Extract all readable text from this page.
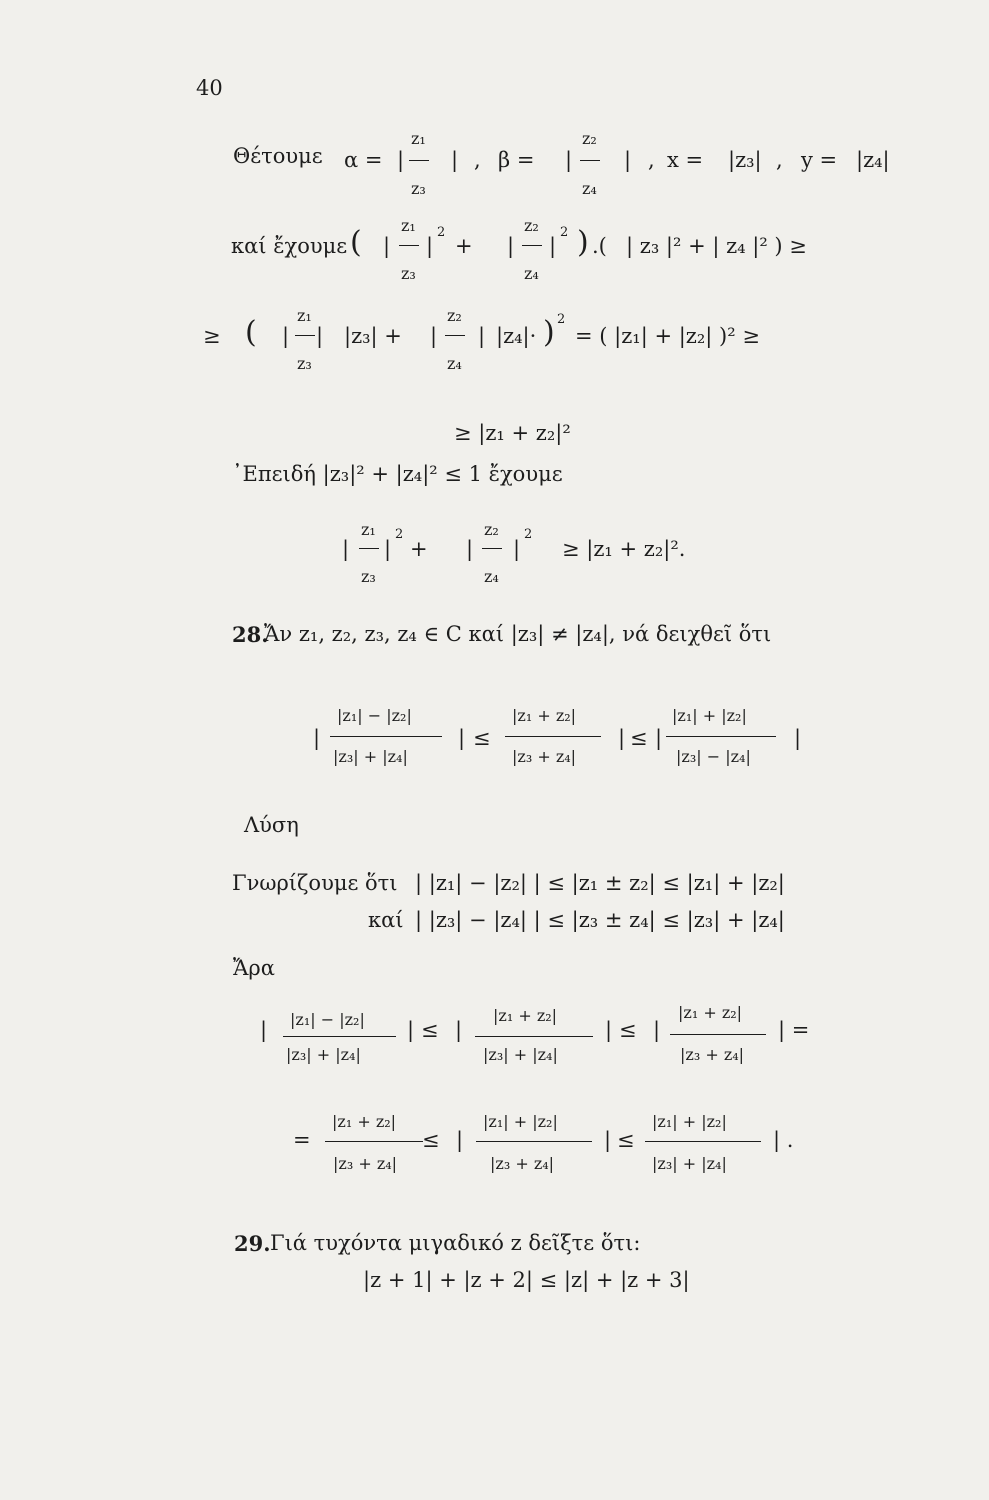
40
Θέτουμε α = |
z₁
z₃
| , β = |
z₂
z₄
| , x = |z₃| , y = |z₄|
καί ἔχουμε ( |
z₁
z₃
|
2
+ |
z₂
z₄
|
2 ) .( | z₃ |² + | z₄ |² ) ≥
≥ ( |
z₁
z₃
| |z₃| + |
z₂
z₄
| |z₄|· ) 2
= ( |z₁| + |z₂| )² ≥
≥ |z₁ + z₂|²
᾽Επειδή |z₃|² + |z₄|² ≤ 1 ἔχουμε
|
z₁
z₃
|
2
+ |
z₂
z₄
|
2
≥ |z₁ + z₂|².
28.
Ἄν z₁, z₂, z₃, z₄ ∈ C καί |z₃| ≠ |z₄|, νά δειχθεῖ ὅτι
|
|z₁| − |z₂|
|z₃| + |z₄|
| ≤
|z₁ + z₂|
|z₃ + z₄|
| ≤ |
|z₁| + |z₂|
|z₃| − |z₄|
|
Λύση
Γνωρίζουμε ὅτι | |z₁| − |z₂| | ≤ |z₁ ± z₂| ≤ |z₁| + |z₂|
καί | |z₃| − |z₄| | ≤ |z₃ ± z₄| ≤ |z₃| + |z₄|
Ἄρα
| |z₁| − |z₂|
|z₃| + |z₄|
| ≤ |
|z₁ + z₂|
|z₃| + |z₄|
| ≤ |
|z₁ + z₂|
|z₃ + z₄|
| =
=
|z₁ + z₂|
|z₃ + z₄|
≤ |
|z₁| + |z₂|
|z₃ + z₄|
| ≤
|z₁| + |z₂|
|z₃| + |z₄|
| .
29. Γιά τυχόντα μιγαδικό z δεῖξτε ὅτι:
|z + 1| + |z + 2| ≤ |z| + |z + 3|
